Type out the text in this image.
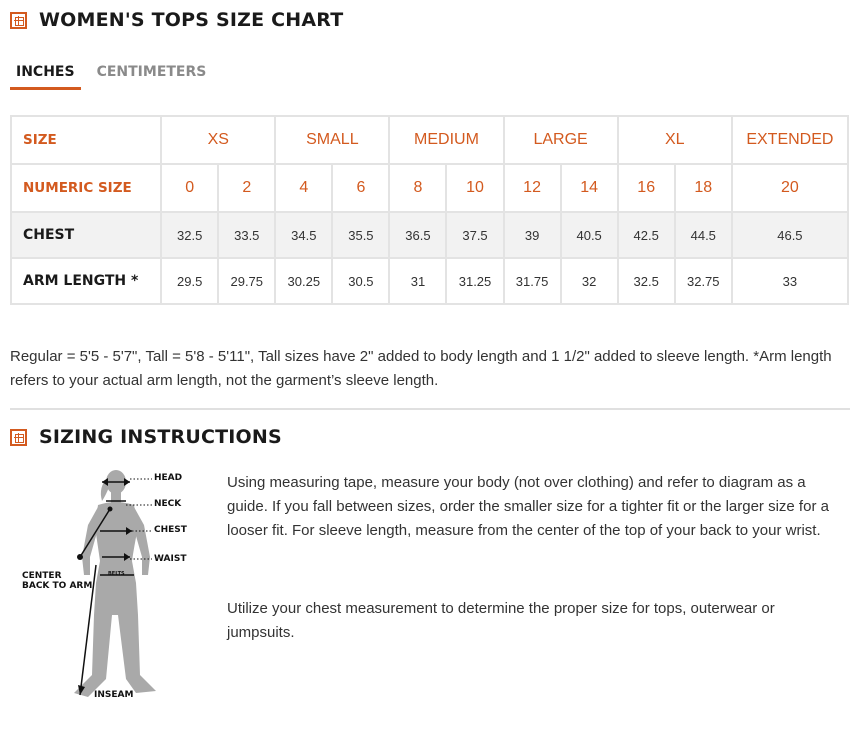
WOMEN'S TOPS SIZE CHART
INCHES	CENTIMETERS
SIZE	XS		SMALL		MEDIUM		LARGE		XL		EXTENDED
NUMERIC SIZE	0	2	4	6	8	10	12	14	16	18	20
CHEST	32.5	33.5	34.5	35.5	36.5	37.5	39	40.5	42.5	44.5	46.5
ARM LENGTH *	29.5	29.75	30.25	30.5	31	31.25	31.75	32	32.5	32.75	33

Regular = 5'5 - 5'7", Tall = 5'8 - 5'11", Tall sizes have 2" added to body length and 1 1/2" added to sleeve length. *Arm length refers to your actual arm length, not the garment’s sleeve length.

SIZING INSTRUCTIONS
HEAD
NECK
CHEST
WAIST
BELTS
CENTER
BACK TO ARM
INSEAM

Using measuring tape, measure your body (not over clothing) and refer to diagram as a guide. If you fall between sizes, order the smaller size for a tighter fit or the larger size for a looser fit. For sleeve length, measure from the center of the top of your back to your wrist.

Utilize your chest measurement to determine the proper size for tops, outerwear or jumpsuits.
